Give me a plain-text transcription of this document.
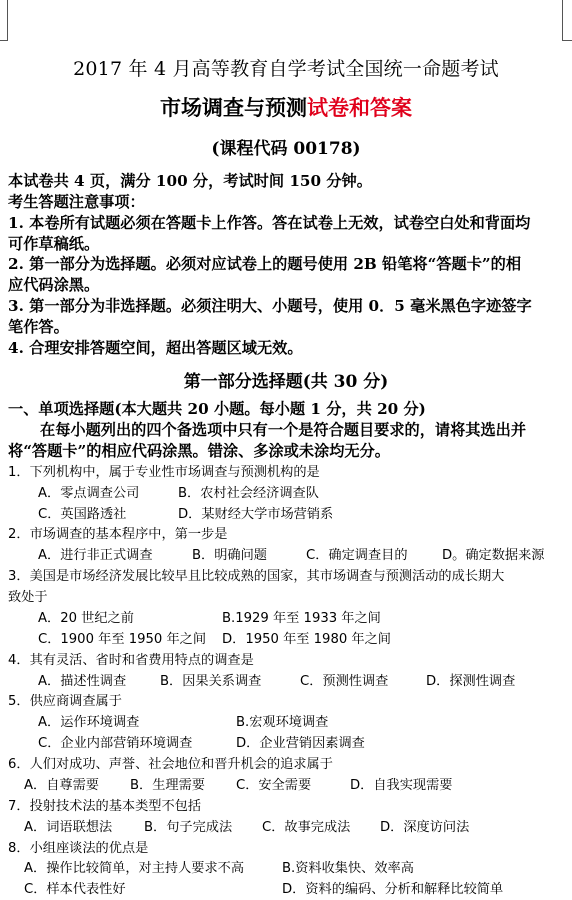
2017 年 4 月高等教育自学考试全国统一命题考试
市场调查与预测试卷和答案
(课程代码 00178)
本试卷共 4 页，满分 100 分，考试时间 150 分钟。
考生答题注意事项：
1. 本卷所有试题必须在答题卡上作答。答在试卷上无效，试卷空白处和背面均
可作草稿纸。
2. 第一部分为选择题。必须对应试卷上的题号使用 2B 铅笔将“答题卡”的相
应代码涂黑。
3. 第一部分为非选择题。必须注明大、小题号，使用 0．5 毫米黑色字迹签字
笔作答。
4. 合理安排答题空间，超出答题区域无效。
第一部分选择题(共 30 分)
一、单项选择题(本大题共 20 小题。每小题 1 分，共 20 分)
在每小题列出的四个备选项中只有一个是符合题目要求的，请将其选出并
将“答题卡”的相应代码涂黑。错涂、多涂或未涂均无分。
1．下列机构中，属于专业性市场调查与预测机构的是
A．零点调查公司	B．农村社会经济调查队
C．英国路透社	D．某财经大学市场营销系
2．市场调查的基本程序中，第一步是
A．进行非正式调查	B．明确问题	C．确定调查目的	D。确定数据来源
3．美国是市场经济发展比较早且比较成熟的国家，其市场调查与预测活动的成长期大
致处于
A．20 世纪之前	B.1929 年至 1933 年之间
C．1900 年至 1950 年之间 D．1950 年至 1980 年之间
4．其有灵活、省时和省费用特点的调查是
A．描述性调查	B．因果关系调查	C．预测性调查	D．探测性调查
5．供应商调查属于
A．运作环境调查	B.宏观环境调查
C．企业内部营销环境调查	D．企业营销因素调查
6．人们对成功、声誉、社会地位和晋升机会的追求属于
A．自尊需要 B．生理需要 C．安全需要	D．自我实现需要
7．投射技术法的基本类型不包括
A．词语联想法 B．句子完成法 C．故事完成法 D．深度访问法
8．小组座谈法的优点是
A．操作比较简单，对主持人要求不高	B.资料收集快、效率高
C．样本代表性好	D．资料的编码、分析和解释比较简单
